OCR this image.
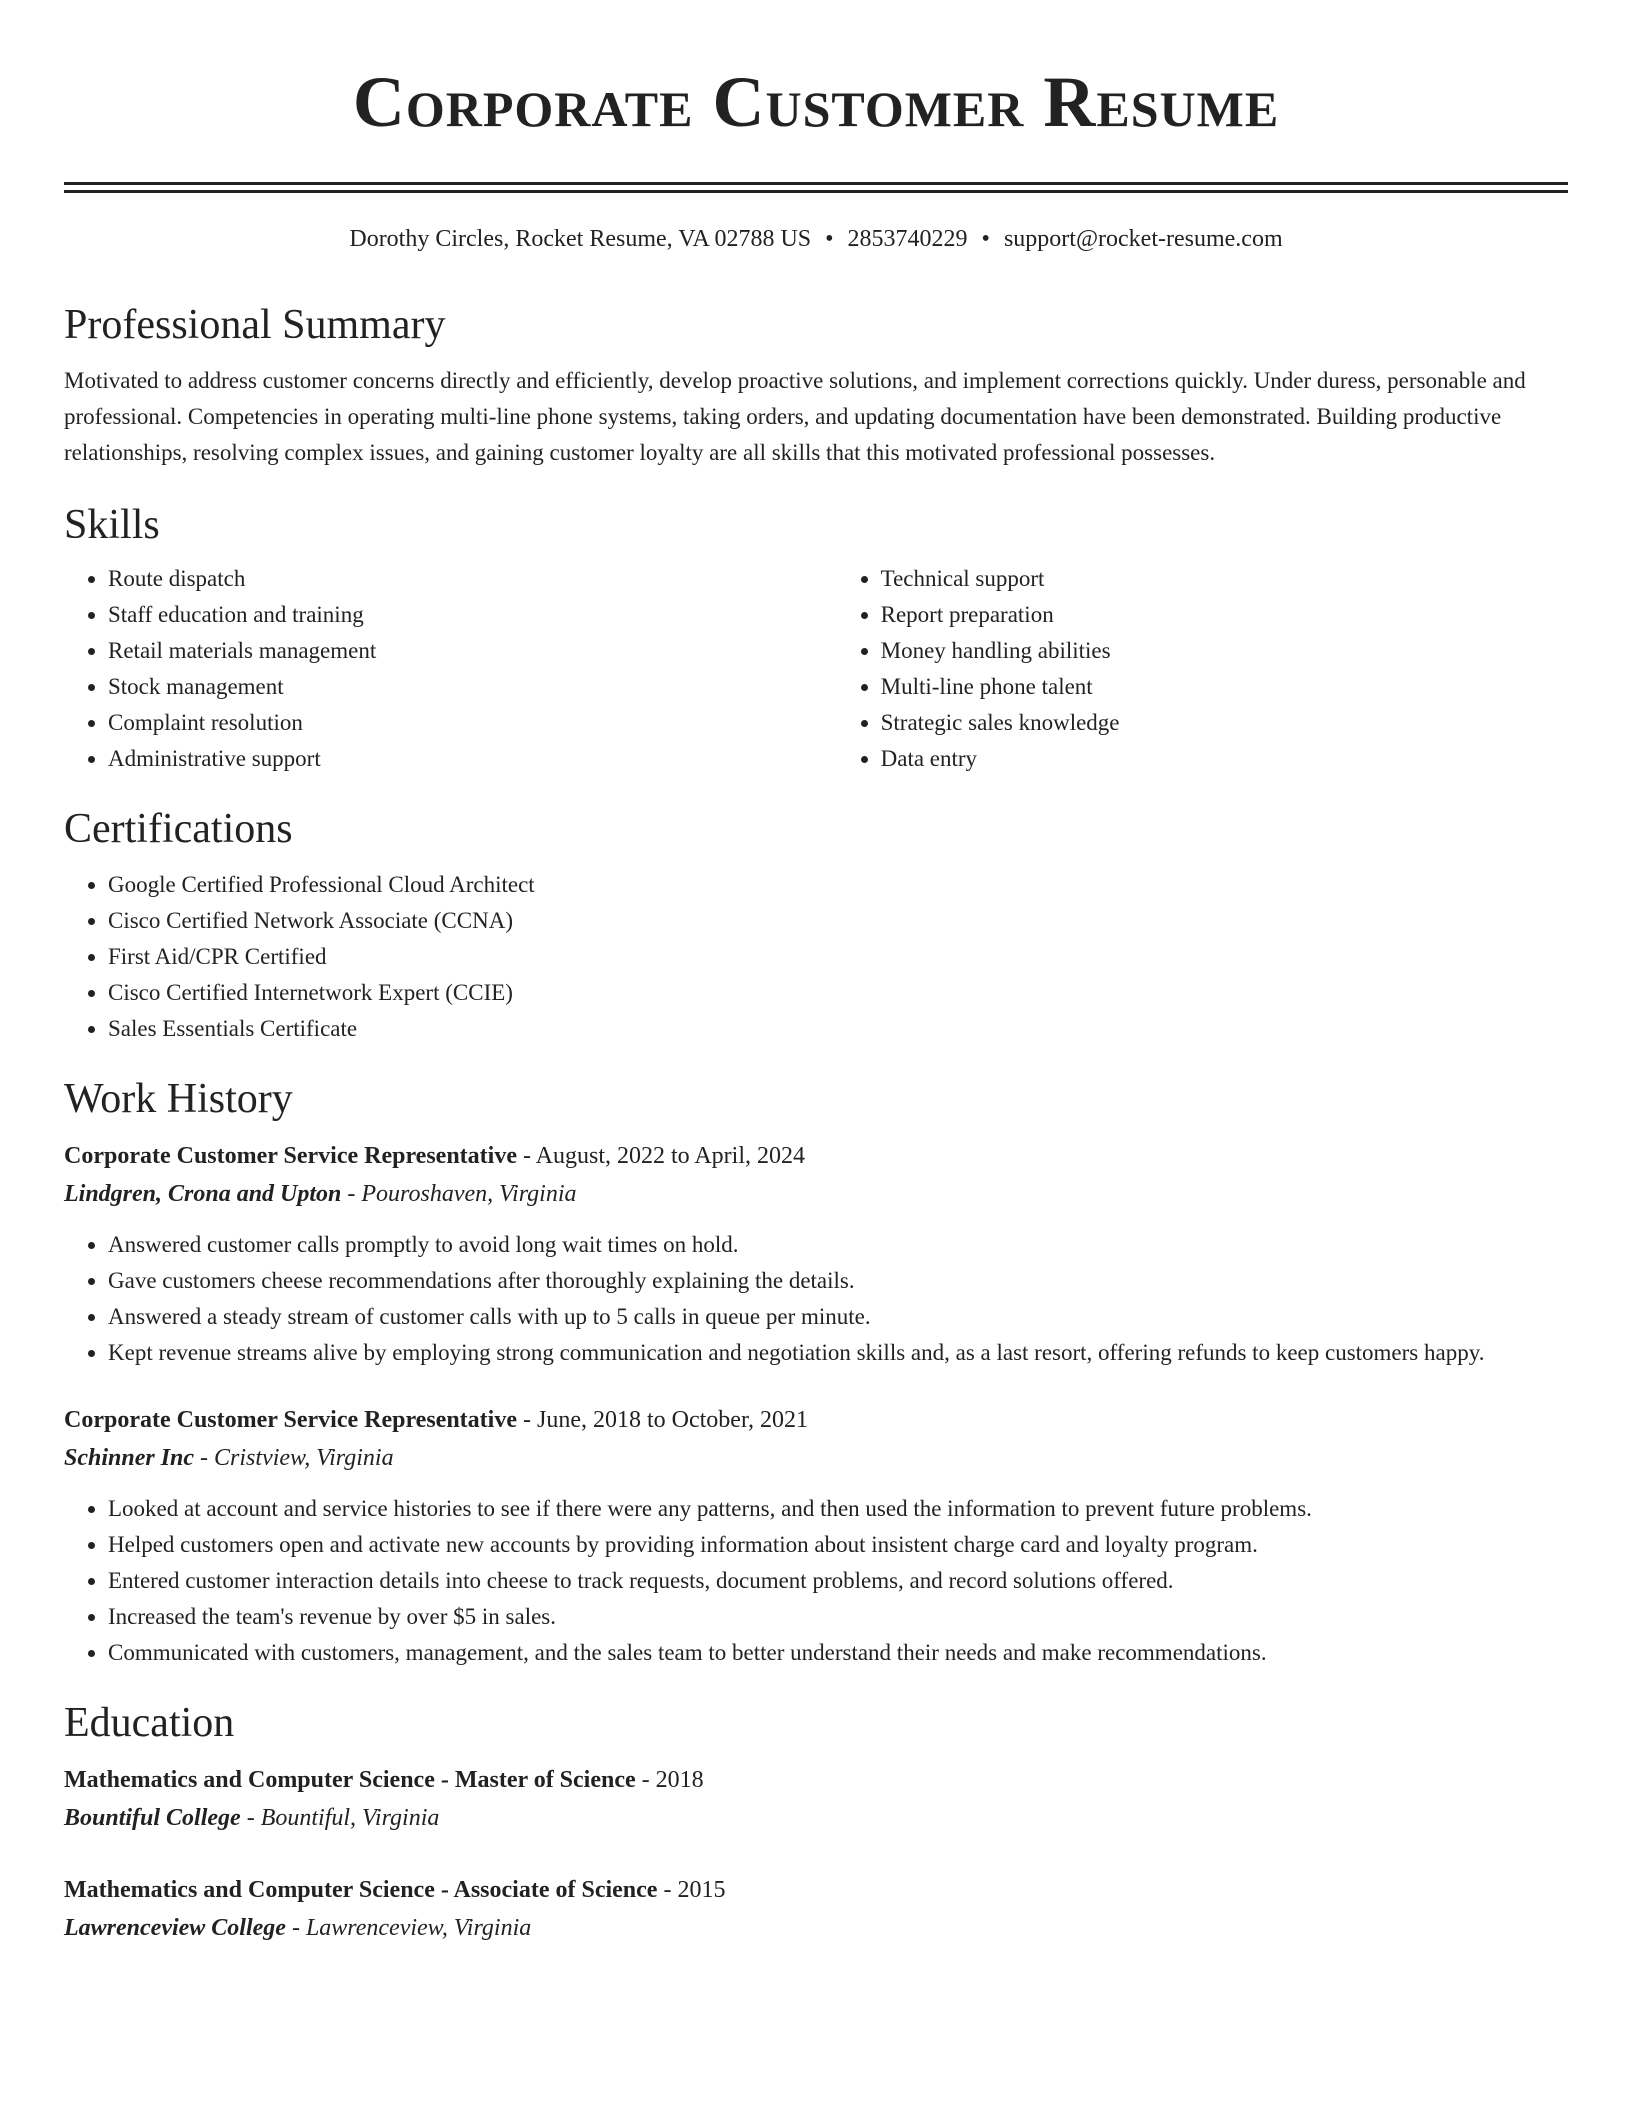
Corporate Customer Resume
Dorothy Circles, Rocket Resume, VA 02788 US • 2853740229 • support@rocket-resume.com
Professional Summary

Motivated to address customer concerns directly and efficiently, develop proactive solutions, and implement corrections quickly. Under duress, personable and professional. Competencies in operating multi-line phone systems, taking orders, and updating documentation have been demonstrated. Building productive relationships, resolving complex issues, and gaining customer loyalty are all skills that this motivated professional possesses.

Skills
• Route dispatch
• Staff education and training
• Retail materials management
• Stock management
• Complaint resolution
• Administrative support
• Technical support
• Report preparation
• Money handling abilities
• Multi-line phone talent
• Strategic sales knowledge
• Data entry
Certifications
• Google Certified Professional Cloud Architect
• Cisco Certified Network Associate (CCNA)
• First Aid/CPR Certified
• Cisco Certified Internetwork Expert (CCIE)
• Sales Essentials Certificate
Work History
Corporate Customer Service Representative - August, 2022 to April, 2024
Lindgren, Crona and Upton - Pouroshaven, Virginia
• Answered customer calls promptly to avoid long wait times on hold.
• Gave customers cheese recommendations after thoroughly explaining the details.
• Answered a steady stream of customer calls with up to 5 calls in queue per minute.
• Kept revenue streams alive by employing strong communication and negotiation skills and, as a last resort, offering refunds to keep customers happy.
Corporate Customer Service Representative - June, 2018 to October, 2021
Schinner Inc - Cristview, Virginia
• Looked at account and service histories to see if there were any patterns, and then used the information to prevent future problems.
• Helped customers open and activate new accounts by providing information about insistent charge card and loyalty program.
• Entered customer interaction details into cheese to track requests, document problems, and record solutions offered.
• Increased the team's revenue by over $5 in sales.
• Communicated with customers, management, and the sales team to better understand their needs and make recommendations.
Education
Mathematics and Computer Science - Master of Science - 2018
Bountiful College - Bountiful, Virginia
Mathematics and Computer Science - Associate of Science - 2015
Lawrenceview College - Lawrenceview, Virginia
